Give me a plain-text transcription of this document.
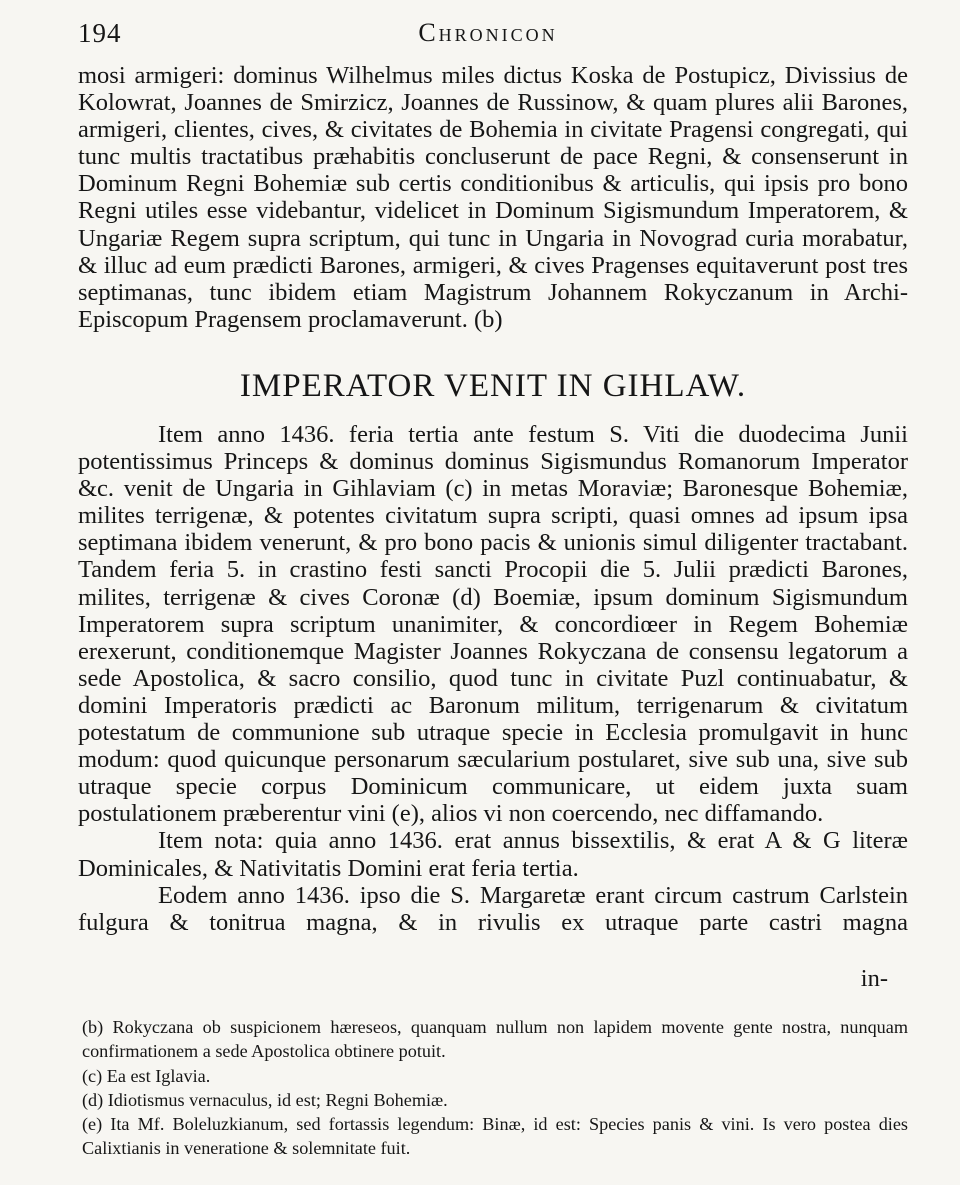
194	Chronicon

mosi armigeri: dominus Wilhelmus miles dictus Koska de Postupicz, Divissius de Kolowrat, Joannes de Smirzicz, Joannes de Russinow, & quam plures alii Barones, armigeri, clientes, cives, & civitates de Bohemia in civitate Pragensi congregati, qui tunc multis tractatibus præhabitis concluserunt de pace Regni, & consenserunt in Dominum Regni Bohemiæ sub certis conditionibus & articulis, qui ipsis pro bono Regni utiles esse videbantur, videlicet in Dominum Sigismundum Imperatorem, & Ungariæ Regem supra scriptum, qui tunc in Ungaria in Novograd curia morabatur, & illuc ad eum prædicti Barones, armigeri, & cives Pragenses equitaverunt post tres septimanas, tunc ibidem etiam Magistrum Johannem Rokyczanum in Archi-Episcopum Pragensem proclamaverunt. (b)

IMPERATOR VENIT IN GIHLAW.

Item anno 1436. feria tertia ante festum S. Viti die duodecima Junii potentissimus Princeps & dominus dominus Sigismundus Romanorum Imperator &c. venit de Ungaria in Gihlaviam (c) in metas Moraviæ; Baronesque Bohemiæ, milites terrigenæ, & potentes civitatum supra scripti, quasi omnes ad ipsum ipsa septimana ibidem venerunt, & pro bono pacis & unionis simul diligenter tractabant. Tandem feria 5. in crastino festi sancti Procopii die 5. Julii prædicti Barones, milites, terrigenæ & cives Coronæ (d) Boemiæ, ipsum dominum Sigismundum Imperatorem supra scriptum unanimiter, & concordiœer in Regem Bohemiæ erexerunt, conditionemque Magister Joannes Rokyczana de consensu legatorum a sede Apostolica, & sacro consilio, quod tunc in civitate Puzl continuabatur, & domini Imperatoris prædicti ac Baronum militum, terrigenarum & civitatum potestatum de communione sub utraque specie in Ecclesia promulgavit in hunc modum: quod quicunque personarum sæcularium postularet, sive sub una, sive sub utraque specie corpus Dominicum communicare, ut eidem juxta suam postulationem præberentur vini (e), alios vi non coercendo, nec diffamando.

Item nota: quia anno 1436. erat annus bissextilis, & erat A & G literæ Dominicales, & Nativitatis Domini erat feria tertia.

Eodem anno 1436. ipso die S. Margaretæ erant circum castrum Carlstein fulgura & tonitrua magna, & in rivulis ex utraque parte castri magna

in-

(b) Rokyczana ob suspicionem hæreseos, quanquam nullum non lapidem movente gente nostra, nunquam confirmationem a sede Apostolica obtinere potuit.

(c) Ea est Iglavia.

(d) Idiotismus vernaculus, id est; Regni Bohemiæ.

(e) Ita Mf. Boleluzkianum, sed fortassis legendum: Binæ, id est: Species panis & vini. Is vero postea dies Calixtianis in veneratione & solemnitate fuit.
